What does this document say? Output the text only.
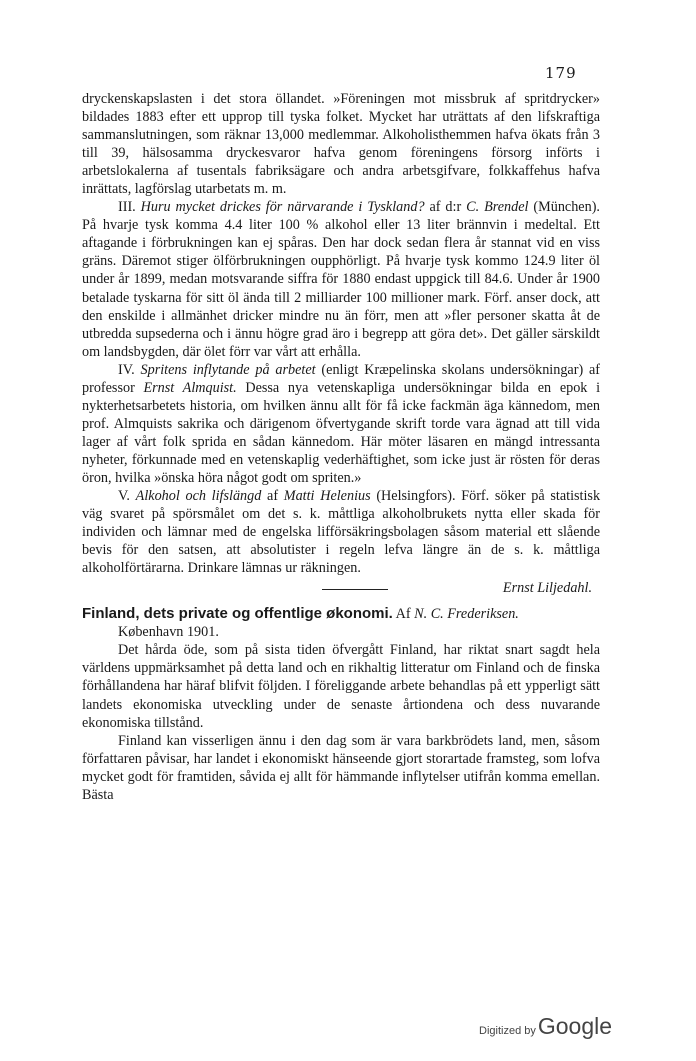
179

dryckenskapslasten i det stora öllandet. »Föreningen mot missbruk af spritdrycker» bildades 1883 efter ett upprop till tyska folket. Mycket har uträttats af den lifskraftiga sammanslutningen, som räknar 13,000 medlemmar. Alkoholisthemmen hafva ökats från 3 till 39, hälsosamma dryckesvaror hafva genom föreningens försorg införts i arbetslokalerna af tusentals fabriksägare och andra arbetsgifvare, folkkaffehus hafva inrättats, lagförslag utarbetats m. m.

III. Huru mycket drickes för närvarande i Tyskland? af d:r C. Brendel (München). På hvarje tysk komma 4.4 liter 100 % alkohol eller 13 liter brännvin i medeltal. Ett aftagande i förbrukningen kan ej spåras. Den har dock sedan flera år stannat vid en viss gräns. Däremot stiger ölförbrukningen oupphörligt. På hvarje tysk kommo 124.9 liter öl under år 1899, medan motsvarande siffra för 1880 endast uppgick till 84.6. Under år 1900 betalade tyskarna för sitt öl ända till 2 milliarder 100 millioner mark. Förf. anser dock, att den enskilde i allmänhet dricker mindre nu än förr, men att »fler personer skatta åt de utbredda supsederna och i ännu högre grad äro i begrepp att göra det». Det gäller särskildt om landsbygden, där ölet förr var vårt att erhålla.

IV. Spritens inflytande på arbetet (enligt Kræpelinska skolans undersökningar) af professor Ernst Almquist. Dessa nya vetenskapliga undersökningar bilda en epok i nykterhetsarbetets historia, om hvilken ännu allt för få icke fackmän äga kännedom, men prof. Almquists sakrika och därigenom öfvertygande skrift torde vara ägnad att till vida lager af vårt folk sprida en sådan kännedom. Här möter läsaren en mängd intressanta nyheter, förkunnade med en vetenskaplig vederhäftighet, som icke just är rösten för deras öron, hvilka »önska höra något godt om spriten.»

V. Alkohol och lifslängd af Matti Helenius (Helsingfors). Förf. söker på statistisk väg svaret på spörsmålet om det s. k. måttliga alkoholbrukets nytta eller skada för individen och lämnar med de engelska lifförsäkringsbolagen såsom material ett slående bevis för den satsen, att absolutister i regeln lefva längre än de s. k. måttliga alkoholförtärarna. Drinkare lämnas ur räkningen.

Ernst Liljedahl.

Finland, dets private og offentlige økonomi. Af N. C. Frederiksen.

København 1901.

Det hårda öde, som på sista tiden öfvergått Finland, har riktat snart sagdt hela världens uppmärksamhet på detta land och en rikhaltig litteratur om Finland och de finska förhållandena har häraf blifvit följden. I föreliggande arbete behandlas på ett ypperligt sätt landets ekonomiska utveckling under de senaste årtiondena och dess nuvarande ekonomiska tillstånd.

Finland kan visserligen ännu i den dag som är vara barkbrödets land, men, såsom författaren påvisar, har landet i ekonomiskt hänseende gjort storartade framsteg, som lofva mycket godt för framtiden, såvida ej allt för hämmande inflytelser utifrån komma emellan. Bästa

Digitized by Google
